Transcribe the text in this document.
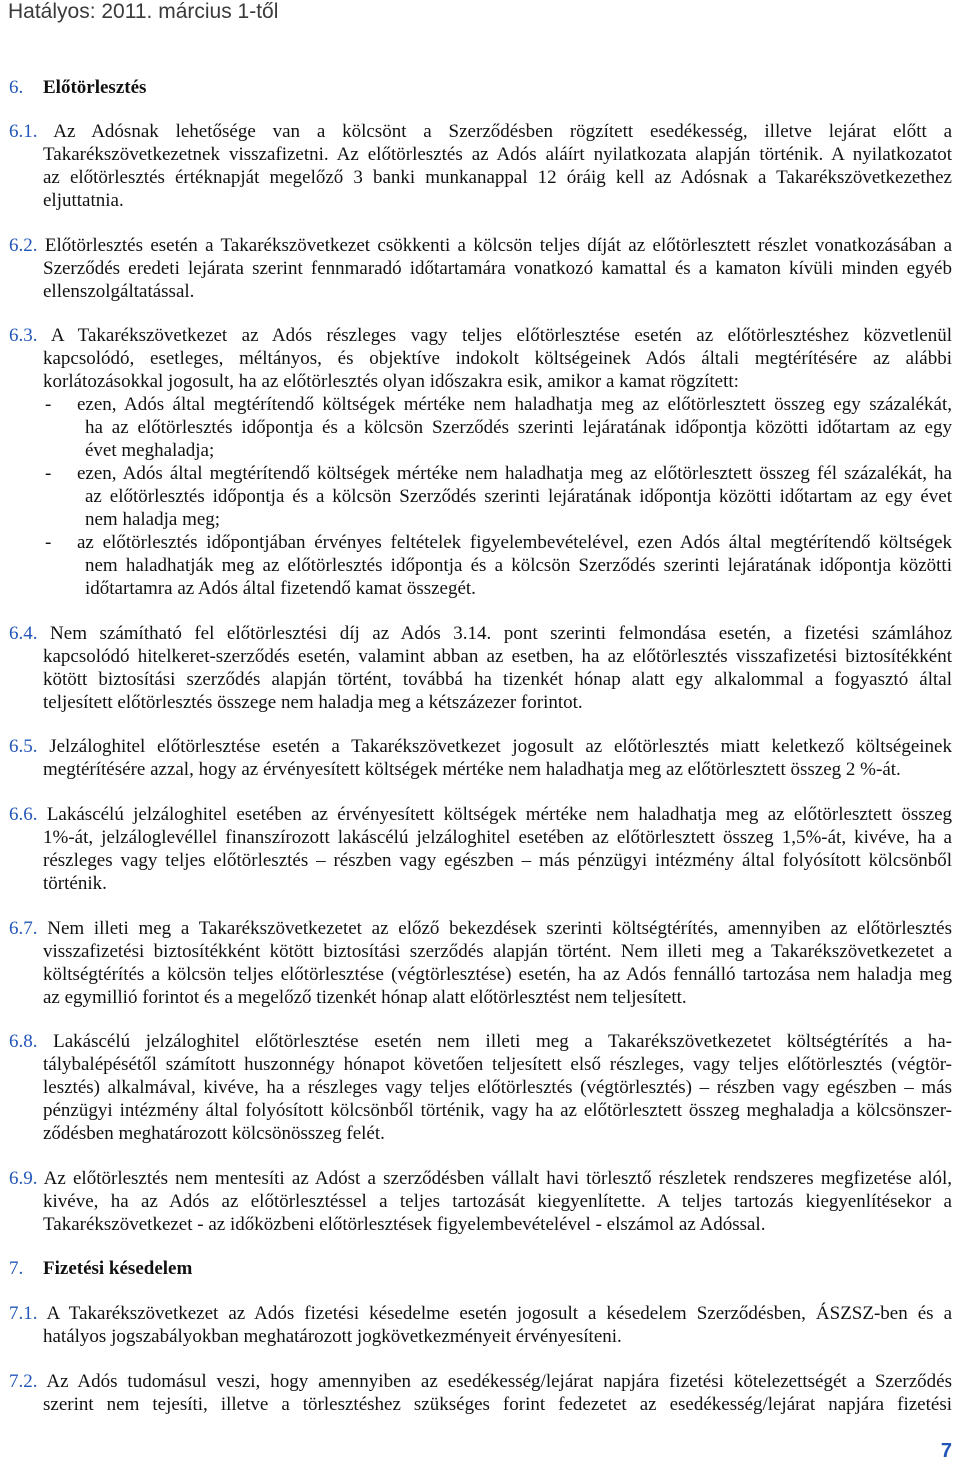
Hatályos: 2011. március 1-től
6. Előtörlesztés
6.1. Az Adósnak lehetősége van a kölcsönt a Szerződésben rögzített esedékesség, illetve lejárat előtt a
Takarékszövetkezetnek visszafizetni. Az előtörlesztés az Adós aláírt nyilatkozata alapján történik. A nyilatkozatot
az előtörlesztés értéknapját megelőző 3 banki munkanappal 12 óráig kell az Adósnak a Takarékszövetkezethez
eljuttatnia.
6.2. Előtörlesztés esetén a Takarékszövetkezet csökkenti a kölcsön teljes díját az előtörlesztett részlet vonatkozásában a
Szerződés eredeti lejárata szerint fennmaradó időtartamára vonatkozó kamattal és a kamaton kívüli minden egyéb
ellenszolgáltatással.
6.3. A Takarékszövetkezet az Adós részleges vagy teljes előtörlesztése esetén az előtörlesztéshez közvetlenül
kapcsolódó, esetleges, méltányos, és objektíve indokolt költségeinek Adós általi megtérítésére az alábbi
korlátozásokkal jogosult, ha az előtörlesztés olyan időszakra esik, amikor a kamat rögzített:
- ezen, Adós által megtérítendő költségek mértéke nem haladhatja meg az előtörlesztett összeg egy százalékát,
ha az előtörlesztés időpontja és a kölcsön Szerződés szerinti lejáratának időpontja közötti időtartam az egy
évet meghaladja;
- ezen, Adós által megtérítendő költségek mértéke nem haladhatja meg az előtörlesztett összeg fél százalékát, ha
az előtörlesztés időpontja és a kölcsön Szerződés szerinti lejáratának időpontja közötti időtartam az egy évet
nem haladja meg;
- az előtörlesztés időpontjában érvényes feltételek figyelembevételével, ezen Adós által megtérítendő költségek
nem haladhatják meg az előtörlesztés időpontja és a kölcsön Szerződés szerinti lejáratának időpontja közötti
időtartamra az Adós által fizetendő kamat összegét.
6.4. Nem számítható fel előtörlesztési díj az Adós 3.14. pont szerinti felmondása esetén, a fizetési számlához
kapcsolódó hitelkeret-szerződés esetén, valamint abban az esetben, ha az előtörlesztés visszafizetési biztosítékként
kötött biztosítási szerződés alapján történt, továbbá ha tizenkét hónap alatt egy alkalommal a fogyasztó által
teljesített előtörlesztés összege nem haladja meg a kétszázezer forintot.
6.5. Jelzáloghitel előtörlesztése esetén a Takarékszövetkezet jogosult az előtörlesztés miatt keletkező költségeinek
megtérítésére azzal, hogy az érvényesített költségek mértéke nem haladhatja meg az előtörlesztett összeg 2 %-át.
6.6. Lakáscélú jelzáloghitel esetében az érvényesített költségek mértéke nem haladhatja meg az előtörlesztett összeg
1%-át, jelzáloglevéllel finanszírozott lakáscélú jelzáloghitel esetében az előtörlesztett összeg 1,5%-át, kivéve, ha a
részleges vagy teljes előtörlesztés – részben vagy egészben – más pénzügyi intézmény által folyósított kölcsönből
történik.
6.7. Nem illeti meg a Takarékszövetkezetet az előző bekezdések szerinti költségtérítés, amennyiben az előtörlesztés
visszafizetési biztosítékként kötött biztosítási szerződés alapján történt. Nem illeti meg a Takarékszövetkezetet a
költségtérítés a kölcsön teljes előtörlesztése (végtörlesztése) esetén, ha az Adós fennálló tartozása nem haladja meg
az egymillió forintot és a megelőző tizenkét hónap alatt előtörlesztést nem teljesített.
6.8. Lakáscélú jelzáloghitel előtörlesztése esetén nem illeti meg a Takarékszövetkezetet költségtérítés a ha-
tálybalépésétől számított huszonnégy hónapot követően teljesített első részleges, vagy teljes előtörlesztés (végtör-
lesztés) alkalmával, kivéve, ha a részleges vagy teljes előtörlesztés (végtörlesztés) – részben vagy egészben – más
pénzügyi intézmény által folyósított kölcsönből történik, vagy ha az előtörlesztett összeg meghaladja a kölcsönszer-
ződésben meghatározott kölcsönösszeg felét.
6.9. Az előtörlesztés nem mentesíti az Adóst a szerződésben vállalt havi törlesztő részletek rendszeres megfizetése alól,
kivéve, ha az Adós az előtörlesztéssel a teljes tartozását kiegyenlítette. A teljes tartozás kiegyenlítésekor a
Takarékszövetkezet - az időközbeni előtörlesztések figyelembevételével - elszámol az Adóssal.
7. Fizetési késedelem
7.1. A Takarékszövetkezet az Adós fizetési késedelme esetén jogosult a késedelem Szerződésben, ÁSZSZ-ben és a
hatályos jogszabályokban meghatározott jogkövetkezményeit érvényesíteni.
7.2. Az Adós tudomásul veszi, hogy amennyiben az esedékesség/lejárat napjára fizetési kötelezettségét a Szerződés
szerint nem tejesíti, illetve a törlesztéshez szükséges forint fedezetet az esedékesség/lejárat napjára fizetési
7
